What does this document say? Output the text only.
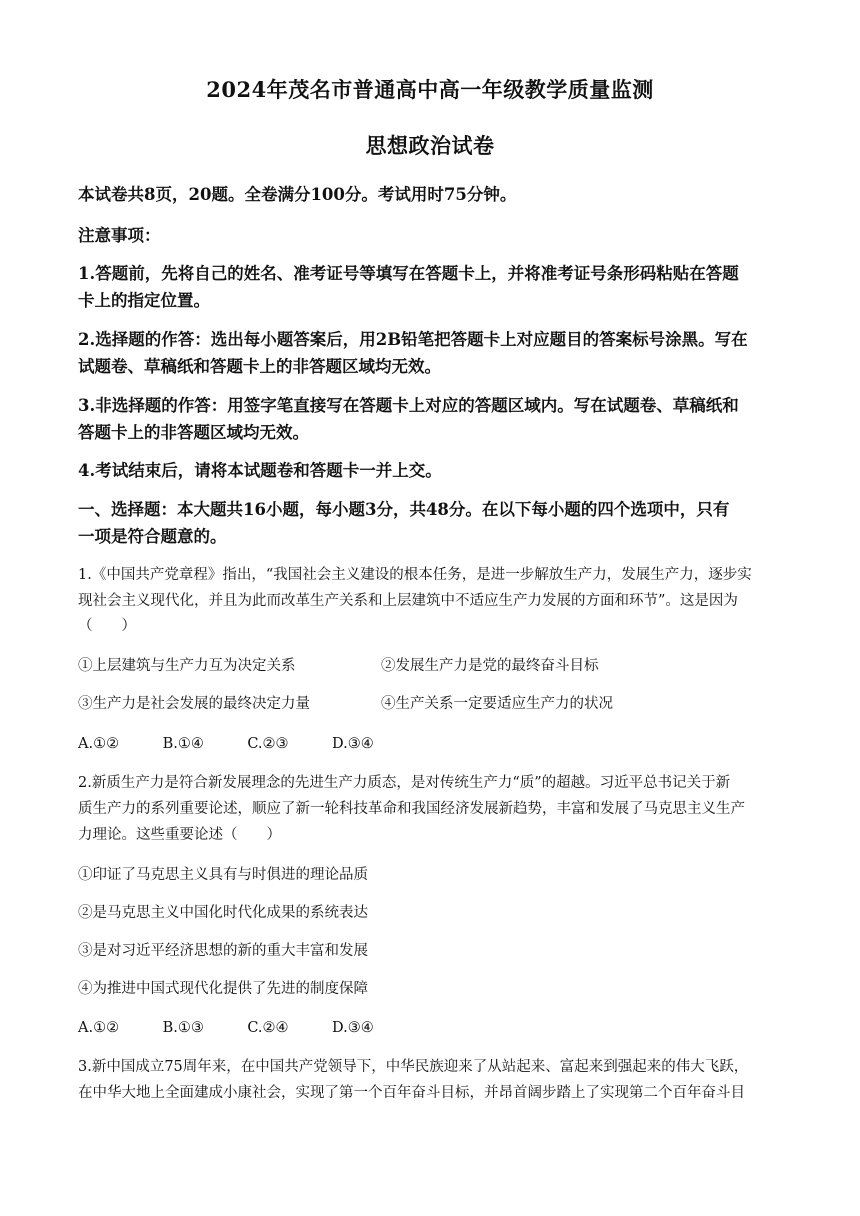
2024年茂名市普通高中高一年级教学质量监测
思想政治试卷
本试卷共8页，20题。全卷满分100分。考试用时75分钟。
注意事项：
1.答题前，先将自己的姓名、准考证号等填写在答题卡上，并将准考证号条形码粘贴在答题
卡上的指定位置。
2.选择题的作答：选出每小题答案后，用2B铅笔把答题卡上对应题目的答案标号涂黑。写在
试题卷、草稿纸和答题卡上的非答题区域均无效。
3.非选择题的作答：用签字笔直接写在答题卡上对应的答题区域内。写在试题卷、草稿纸和
答题卡上的非答题区域均无效。
4.考试结束后，请将本试题卷和答题卡一并上交。
一、选择题：本大题共16小题，每小题3分，共48分。在以下每小题的四个选项中，只有
一项是符合题意的。
1.《中国共产党章程》指出，“我国社会主义建设的根本任务，是进一步解放生产力，发展生产力，逐步实
现社会主义现代化，并且为此而改革生产关系和上层建筑中不适应生产力发展的方面和环节”。这是因为
（　　）
①上层建筑与生产力互为决定关系	②发展生产力是党的最终奋斗目标
③生产力是社会发展的最终决定力量	④生产关系一定要适应生产力的状况
A.①②　　　B.①④　　　C.②③　　　D.③④
2.新质生产力是符合新发展理念的先进生产力质态，是对传统生产力“质”的超越。习近平总书记关于新
质生产力的系列重要论述，顺应了新一轮科技革命和我国经济发展新趋势，丰富和发展了马克思主义生产
力理论。这些重要论述（　　）
①印证了马克思主义具有与时俱进的理论品质
②是马克思主义中国化时代化成果的系统表达
③是对习近平经济思想的新的重大丰富和发展
④为推进中国式现代化提供了先进的制度保障
A.①②　　　B.①③　　　C.②④　　　D.③④
3.新中国成立75周年来，在中国共产党领导下，中华民族迎来了从站起来、富起来到强起来的伟大飞跃，
在中华大地上全面建成小康社会，实现了第一个百年奋斗目标，并昂首阔步踏上了实现第二个百年奋斗目
